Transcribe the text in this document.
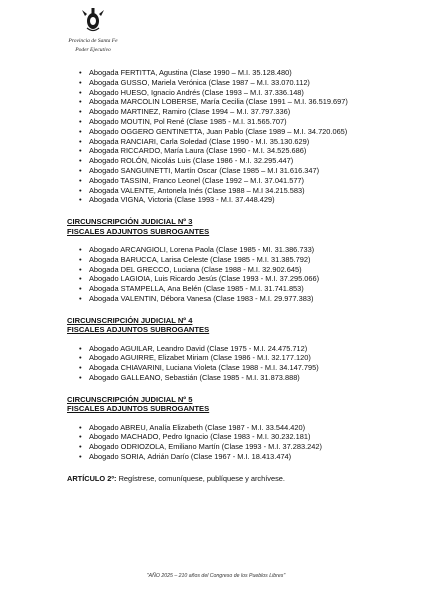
Provincia de Santa Fe
Poder Ejecutivo
• Abogada FERTITTA, Agustina (Clase 1990 – M.I. 35.128.480)
• Abogada GUSSO, Mariela Verónica (Clase 1987 – M.I. 33.070.112)
• Abogado HUESO, Ignacio Andrés (Clase 1993 – M.I. 37.336.148)
• Abogada MARCOLIN LOBERSE, María Cecilia (Clase 1991 – M.I. 36.519.697)
• Abogado MARTINEZ, Ramiro (Clase 1994 – M.I. 37.797.336)
• Abogado MOUTIN, Pol René (Clase 1985 - M.I. 31.565.707)
• Abogado OGGERO GENTINETTA, Juan Pablo (Clase 1989 – M.I. 34.720.065)
• Abogada RANCIARI, Carla Soledad (Clase 1990 - M.I. 35.130.629)
• Abogada RICCARDO, María Laura (Clase 1990 - M.I. 34.525.686)
• Abogado ROLÓN, Nicolás Luis (Clase 1986 - M.I. 32.295.447)
• Abogado SANGUINETTI, Martín Oscar (Clase 1985 – M.I 31.616.347)
• Abogado TASSINI, Franco Leonel (Clase 1992 – M.I. 37.041.577)
• Abogada VALENTE, Antonela Inés (Clase 1988 – M.I 34.215.583)
• Abogada VIGNA, Victoria (Clase 1993 - M.I. 37.448.429)
CIRCUNSCRIPCIÓN JUDICIAL Nº 3
FISCALES ADJUNTOS SUBROGANTES
• Abogado ARCANGIOLI, Lorena Paola (Clase 1985 - MI. 31.386.733)
• Abogada BARUCCA, Larisa Celeste (Clase 1985 - M.I. 31.385.792)
• Abogada DEL GRECCO, Luciana (Clase 1988 - M.I. 32.902.645)
• Abogado LAGIOIA, Luis Ricardo Jesús (Clase 1993 - M.I. 37.295.066)
• Abogada STAMPELLA, Ana Belén (Clase 1985 - M.I. 31.741.853)
• Abogada VALENTIN, Débora Vanesa (Clase 1983 - M.I. 29.977.383)
CIRCUNSCRIPCIÓN JUDICIAL Nº 4
FISCALES ADJUNTOS SUBROGANTES
• Abogado AGUILAR, Leandro David (Clase 1975 - M.I. 24.475.712)
• Abogado AGUIRRE, Elizabet Miriam (Clase 1986 - M.I. 32.177.120)
• Abogada CHIAVARINI, Luciana Violeta (Clase 1988 - M.I. 34.147.795)
• Abogado GALLEANO, Sebastián (Clase 1985 - M.I. 31.873.888)
CIRCUNSCRIPCIÓN JUDICIAL Nº 5
FISCALES ADJUNTOS SUBROGANTES
• Abogado ABREU, Analía Elizabeth (Clase 1987 - M.I. 33.544.420)
• Abogado MACHADO, Pedro Ignacio (Clase 1983 - M.I. 30.232.181)
• Abogado ODRIOZOLA, Emiliano Martín (Clase 1993 - M.I. 37.283.242)
• Abogado SORIA, Adrián Darío (Clase 1967 - M.I. 18.413.474)
ARTÍCULO 2º: Regístrese, comuníquese, publíquese y archívese.
"AÑO 2025 – 210 años del Congreso de los Pueblos Libres"
